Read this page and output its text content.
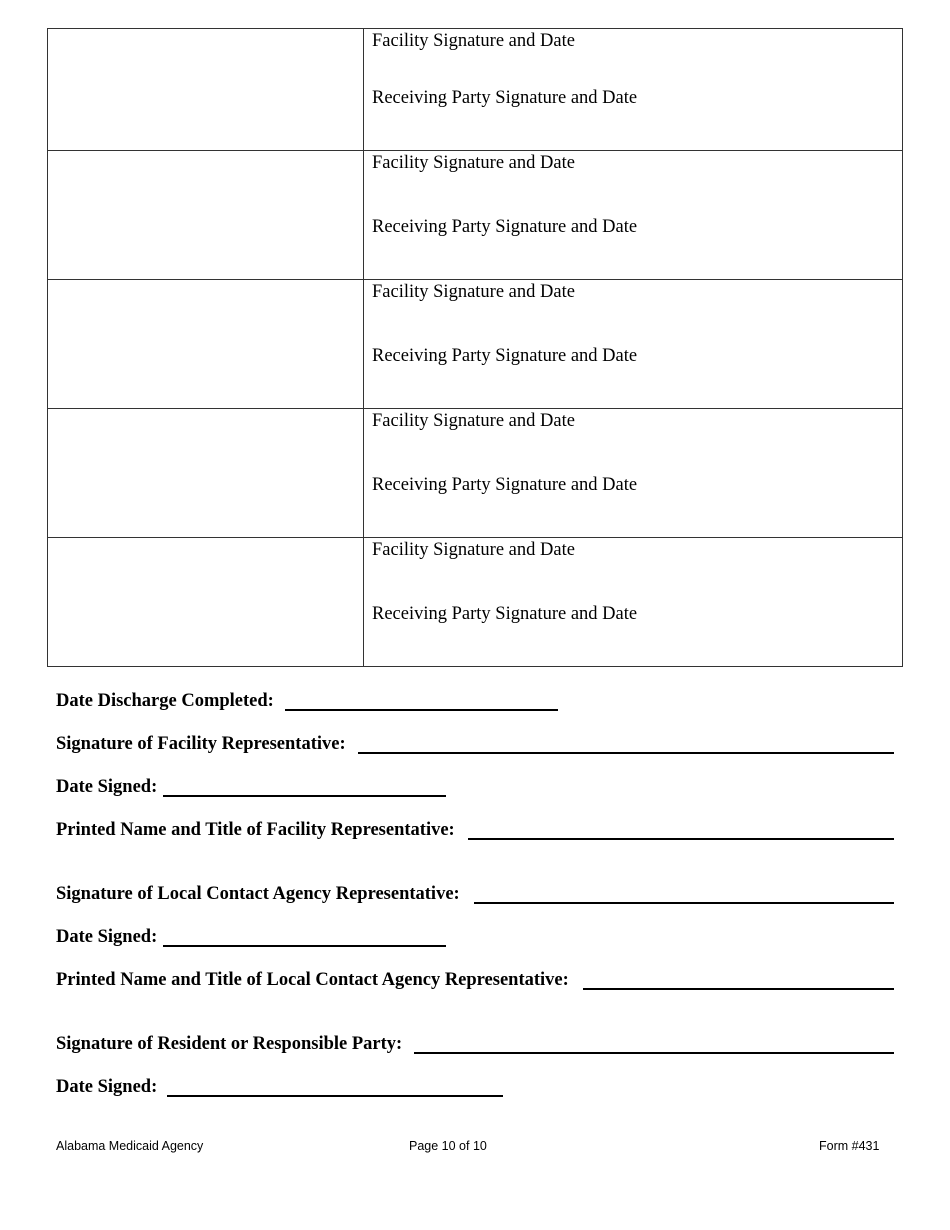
	Facility Signature and Date
Receiving Party Signature and Date

	Facility Signature and Date
Receiving Party Signature and Date

	Facility Signature and Date
Receiving Party Signature and Date

	Facility Signature and Date
Receiving Party Signature and Date

	Facility Signature and Date
Receiving Party Signature and Date
Date Discharge Completed:
Signature of Facility Representative:
Date Signed:
Printed Name and Title of Facility Representative:
Signature of Local Contact Agency Representative:
Date Signed:
Printed Name and Title of Local Contact Agency Representative:
Signature of Resident or Responsible Party:
Date Signed:
Alabama Medicaid Agency	Page 10 of 10	Form #431
